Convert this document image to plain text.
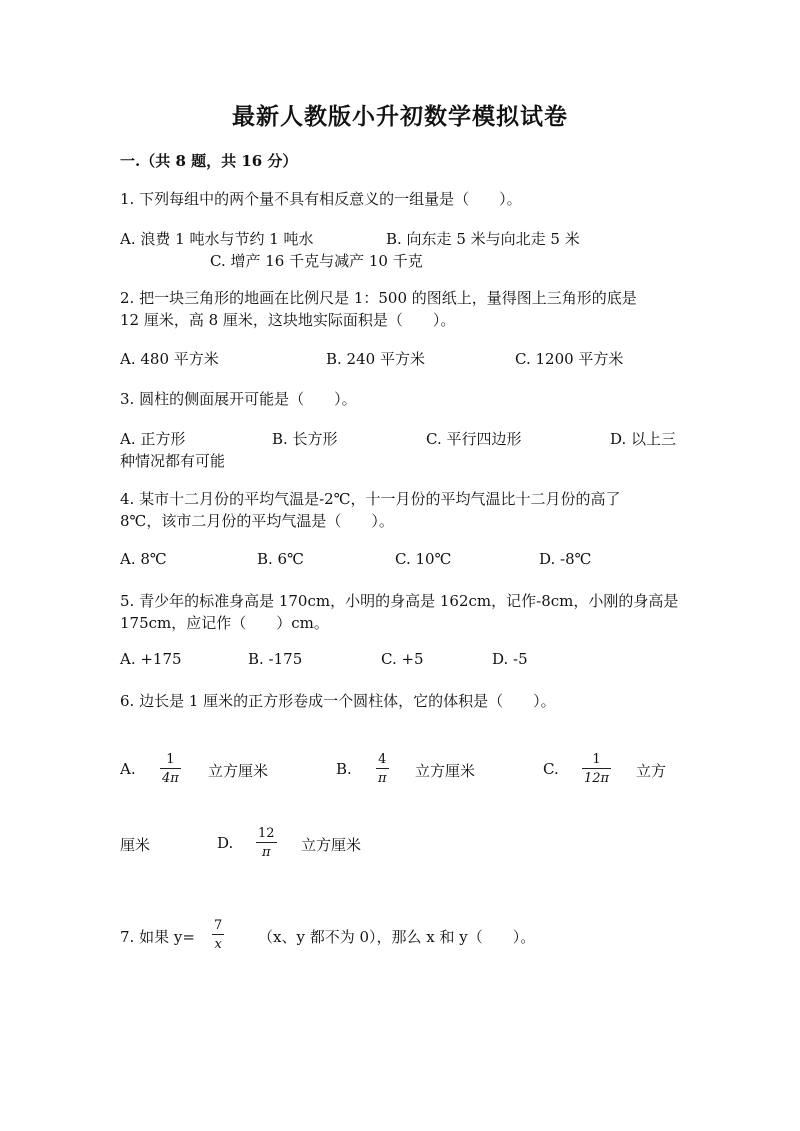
最新人教版小升初数学模拟试卷
一.（共 8 题，共 16 分）
1. 下列每组中的两个量不具有相反意义的一组量是（　　）。
A. 浪费 1 吨水与节约 1 吨水	B. 向东走 5 米与向北走 5 米
C. 增产 16 千克与减产 10 千克
2. 把一块三角形的地画在比例尺是 1：500 的图纸上，量得图上三角形的底是
12 厘米，高 8 厘米，这块地实际面积是（　　）。
A. 480 平方米	B. 240 平方米	C. 1200 平方米
3. 圆柱的侧面展开可能是（　　）。
A. 正方形	B. 长方形	C. 平行四边形	D. 以上三
种情况都有可能
4. 某市十二月份的平均气温是-2℃，十一月份的平均气温比十二月份的高了
8℃，该市二月份的平均气温是（　　）。
A. 8℃	B. 6℃	C. 10℃	D. -8℃
5. 青少年的标准身高是 170cm，小明的身高是 162cm，记作-8cm，小刚的身高是
175cm，应记作（　　）cm。
A. +175	B. -175	C. +5	D. -5
6. 边长是 1 厘米的正方形卷成一个圆柱体，它的体积是（　　）。
A.
1
4π 立方厘米	B.
4
π 立方厘米	C.
1
12π 立方
厘米	D.
12
π	立方厘米
7. 如果 y=
7
x （x、y 都不为 0），那么 x 和 y（　　）。
